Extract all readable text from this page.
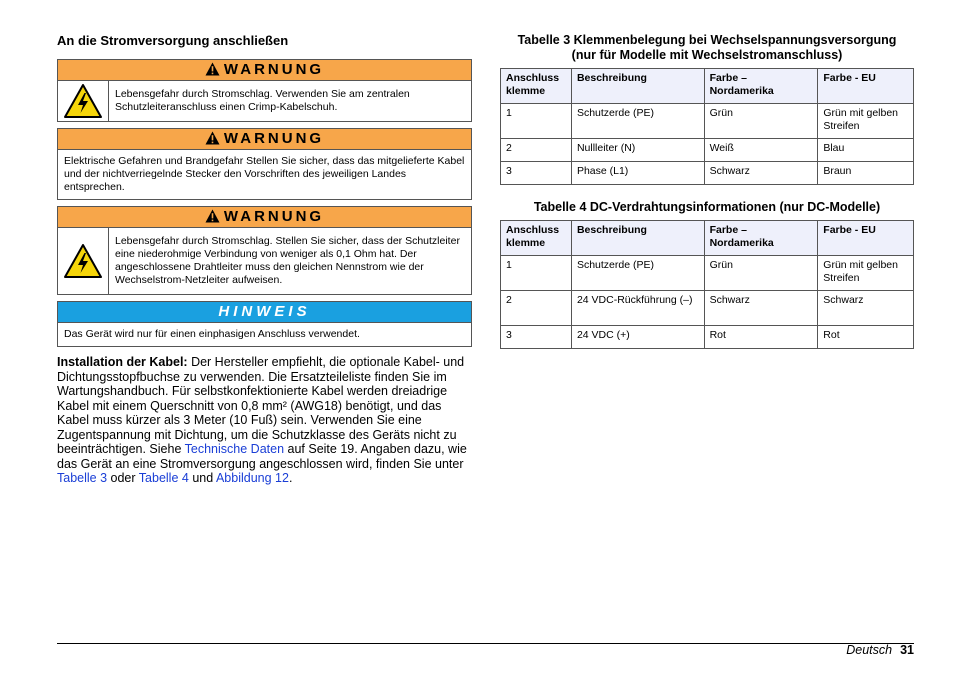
An die Stromversorgung anschließen
WARNUNG
Lebensgefahr durch Stromschlag. Verwenden Sie am zentralen Schutzleiteranschluss einen Crimp-Kabelschuh.
WARNUNG
Elektrische Gefahren und Brandgefahr Stellen Sie sicher, dass das mitgelieferte Kabel und der nichtverriegelnde Stecker den Vorschriften des jeweiligen Landes entsprechen.
WARNUNG
Lebensgefahr durch Stromschlag. Stellen Sie sicher, dass der Schutzleiter eine niederohmige Verbindung von weniger als 0,1 Ohm hat. Der angeschlossene Drahtleiter muss den gleichen Nennstrom wie der Wechselstrom-Netzleiter aufweisen.
HINWEIS
Das Gerät wird nur für einen einphasigen Anschluss verwendet.

Installation der Kabel: Der Hersteller empfiehlt, die optionale Kabel- und Dichtungsstopfbuchse zu verwenden. Die Ersatzteileliste finden Sie im Wartungshandbuch. Für selbstkonfektionierte Kabel werden dreiadrige Kabel mit einem Querschnitt von 0,8 mm² (AWG18) benötigt, und das Kabel muss kürzer als 3 Meter (10 Fuß) sein. Verwenden Sie eine Zugentspannung mit Dichtung, um die Schutzklasse des Geräts nicht zu beeinträchtigen. Siehe Technische Daten auf Seite 19. Angaben dazu, wie das Gerät an eine Stromversorgung angeschlossen wird, finden Sie unter Tabelle 3 oder Tabelle 4 und Abbildung 12.

Tabelle 3 Klemmenbelegung bei Wechselspannungsversorgung
(nur für Modelle mit Wechselstromanschluss)
Anschluss klemme	Beschreibung	Farbe – Nordamerika	Farbe - EU
1	Schutzerde (PE)	Grün	Grün mit gelben Streifen
2	Nullleiter (N)	Weiß	Blau
3	Phase (L1)	Schwarz	Braun
Tabelle 4 DC-Verdrahtungsinformationen (nur DC-Modelle)
Anschluss klemme	Beschreibung	Farbe – Nordamerika	Farbe - EU
1	Schutzerde (PE)	Grün	Grün mit gelben Streifen
2	24 VDC-Rückführung (–)	Schwarz	Schwarz
3	24 VDC (+)	Rot	Rot
Deutsch 31
